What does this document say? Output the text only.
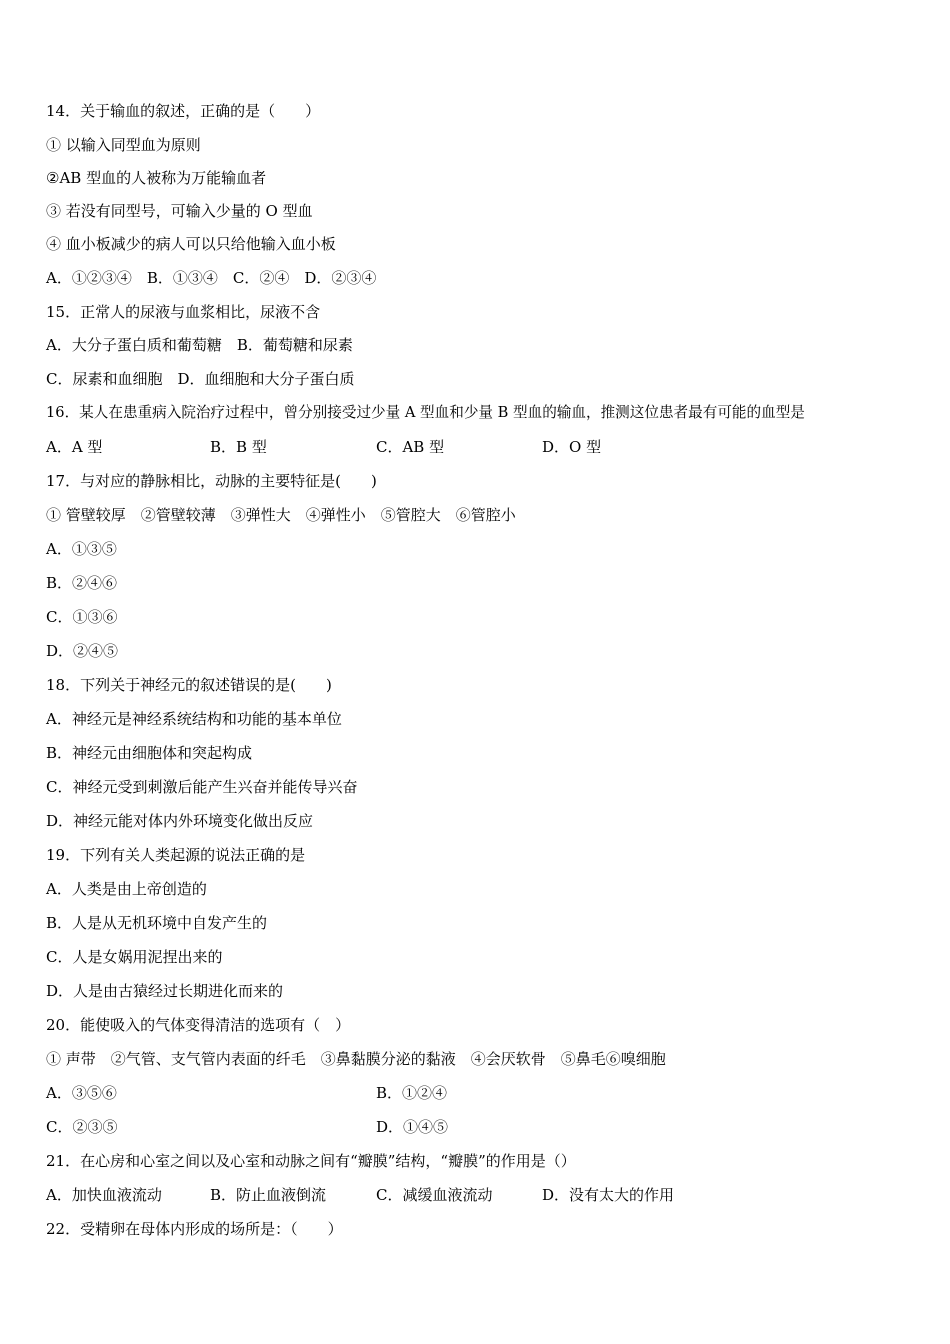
14．关于输血的叙述，正确的是（　　）
① 以输入同型血为原则
②AB 型血的人被称为万能输血者
③ 若没有同型号，可输入少量的 O 型血
④ 血小板减少的病人可以只给他输入血小板
A．①②③④　B．①③④　C．②④　D．②③④
15．正常人的尿液与血浆相比，尿液不含
A．大分子蛋白质和葡萄糖　B．葡萄糖和尿素
C．尿素和血细胞　D．血细胞和大分子蛋白质
16．某人在患重病入院治疗过程中，曾分别接受过少量 A 型血和少量 B 型血的输血，推测这位患者最有可能的血型是
A．A 型	B．B 型	C．AB 型	D．O 型
17．与对应的静脉相比，动脉的主要特征是(　　)
① 管壁较厚　②管壁较薄　③弹性大　④弹性小　⑤管腔大　⑥管腔小
A．①③⑤
B．②④⑥
C．①③⑥
D．②④⑤
18．下列关于神经元的叙述错误的是(　　)
A．神经元是神经系统结构和功能的基本单位
B．神经元由细胞体和突起构成
C．神经元受到刺激后能产生兴奋并能传导兴奋
D．神经元能对体内外环境变化做出反应
19．下列有关人类起源的说法正确的是
A．人类是由上帝创造的
B．人是从无机环境中自发产生的
C．人是女娲用泥捏出来的
D．人是由古猿经过长期进化而来的
20．能使吸入的气体变得清洁的选项有（　）
① 声带　②气管、支气管内表面的纤毛　③鼻黏膜分泌的黏液　④会厌软骨　⑤鼻毛⑥嗅细胞
A．③⑤⑥	B．①②④
C．②③⑤	D．①④⑤
21．在心房和心室之间以及心室和动脉之间有“瓣膜”结构，“瓣膜”的作用是（）
A．加快血液流动	B．防止血液倒流	C．减缓血液流动	D．没有太大的作用
22．受精卵在母体内形成的场所是：（　　）
